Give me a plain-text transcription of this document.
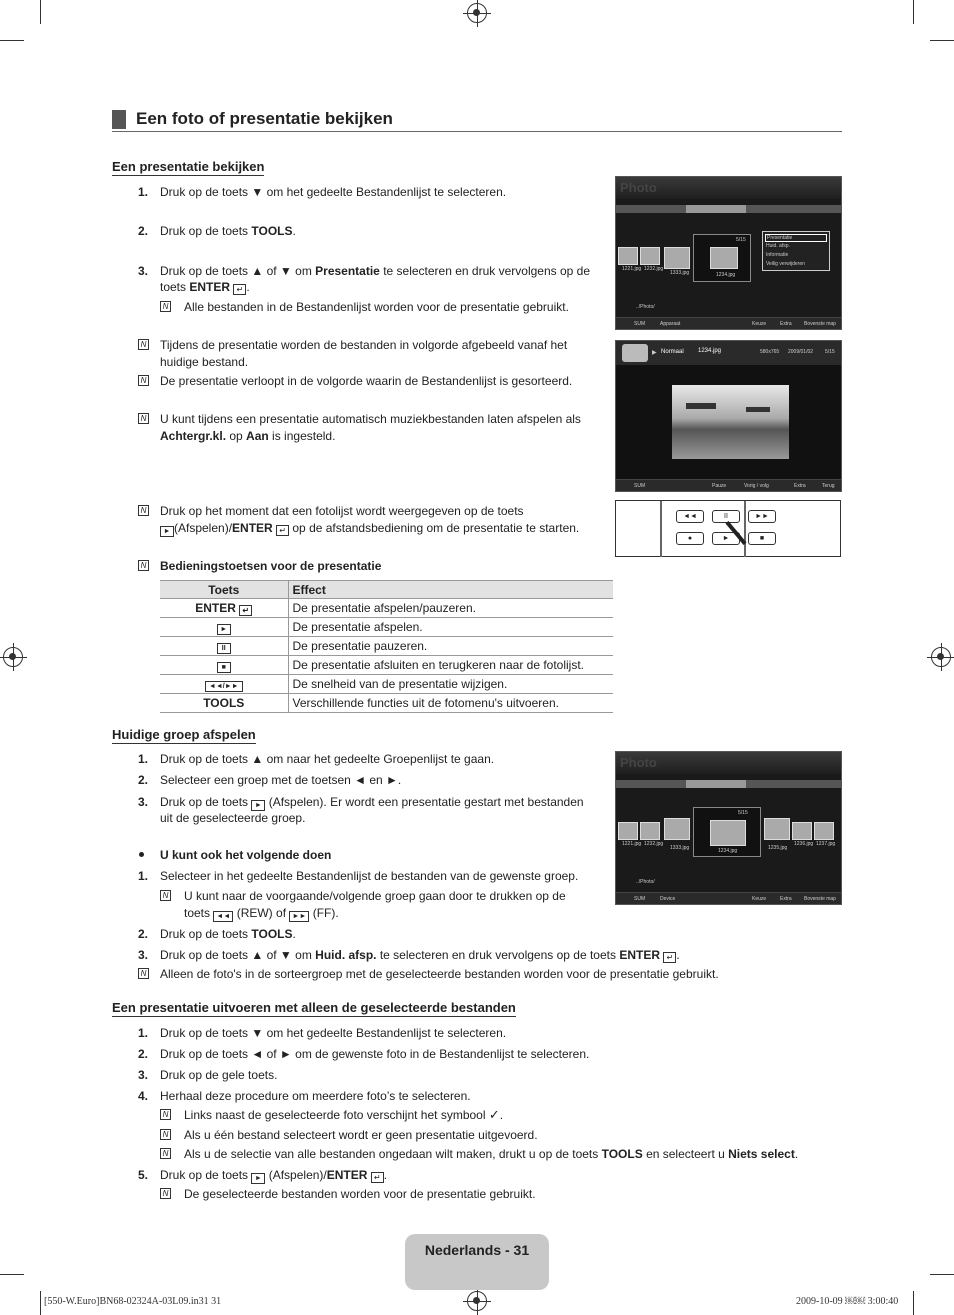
Een foto of presentatie bekijken
Een presentatie bekijken
1. Druk op de toets ▼ om het gedeelte Bestandenlijst te selecteren.
2. Druk op de toets TOOLS.
3. Druk op de toets ▲ of ▼ om Presentatie te selecteren en druk vervolgens op de
toets ENTER ↵ .
N Alle bestanden in de Bestandenlijst worden voor de presentatie gebruikt.
N Tijdens de presentatie worden de bestanden in volgorde afgebeeld vanaf het
huidige bestand.
N De presentatie verloopt in de volgorde waarin de Bestandenlijst is gesorteerd.
N U kunt tijdens een presentatie automatisch muziekbestanden laten afspelen als
Achtergr.kl. op Aan is ingesteld.
N Druk op het moment dat een fotolijst wordt weergegeven op de toets
► (Afspelen)/ENTER ↵ op de afstandsbediening om de presentatie te starten.
N Bedieningstoetsen voor de presentatie
Toets	Effect
ENTER ↵	De presentatie afspelen/pauzeren.
►	De presentatie afspelen.
II	De presentatie pauzeren.
■	De presentatie afsluiten en terugkeren naar de fotolijst.
◄◄/►►	De snelheid van de presentatie wijzigen.
TOOLS	Verschillende functies uit de fotomenu's uitvoeren.
Huidige groep afspelen
1. Druk op de toets ▲ om naar het gedeelte Groepenlijst te gaan.
2. Selecteer een groep met de toetsen ◄ en ►.
3. Druk op de toets ► (Afspelen). Er wordt een presentatie gestart met bestanden
uit de geselecteerde groep.
U kunt ook het volgende doen
1. Selecteer in het gedeelte Bestandenlijst de bestanden van de gewenste groep.
N U kunt naar de voorgaande/volgende groep gaan door te drukken op de
toets ◄◄ (REW) of ►► (FF).
2. Druk op de toets TOOLS.
3. Druk op de toets ▲ of ▼ om Huid. afsp. te selecteren en druk vervolgens op de toets ENTER ↵ .
N Alleen de foto's in de sorteergroep met de geselecteerde bestanden worden voor de presentatie gebruikt.
Een presentatie uitvoeren met alleen de geselecteerde bestanden
1. Druk op de toets ▼ om het gedeelte Bestandenlijst te selecteren.
2. Druk op de toets ◄ of ► om de gewenste foto in de Bestandenlijst te selecteren.
3. Druk op de gele toets.
4. Herhaal deze procedure om meerdere foto’s te selecteren.
N Links naast de geselecteerde foto verschijnt het symbool ✓.
N Als u één bestand selecteert wordt er geen presentatie uitgevoerd.
N Als u de selectie van alle bestanden ongedaan wilt maken, drukt u op de toets TOOLS en selecteert u Niets select.
5. Druk op de toets ► (Afspelen)/ENTER ↵ .
N De geselecteerde bestanden worden voor de presentatie gebruikt.
Photo
5/15
1234.jpg
1221.jpg 1232.jpg
1333.jpg
Presentatie
Huid. afsp.
Informatie
Veilig verwijderen
../Photo/
SUM	Apparaat	Keuze	Extra Bovenste map
▶ Normaal 1234.jpg	580x765 2009/01/02 5/15
SUM	Pauze	Vorig / volg	Extra	Terug
◄◄	II	►►
●	►	■
Photo
5/15
1234.jpg
1221.jpg 1232.jpg
1333.jpg	1235.jpg
1236.jpg 1237.jpg
../Photo/
SUM	Device	Keuze	Extra Bovenste map
Nederlands - 31
[550-W.Euro]BN68-02324A-03L09.in31 31	2009-10-09 ￼￼ 3:00:40
